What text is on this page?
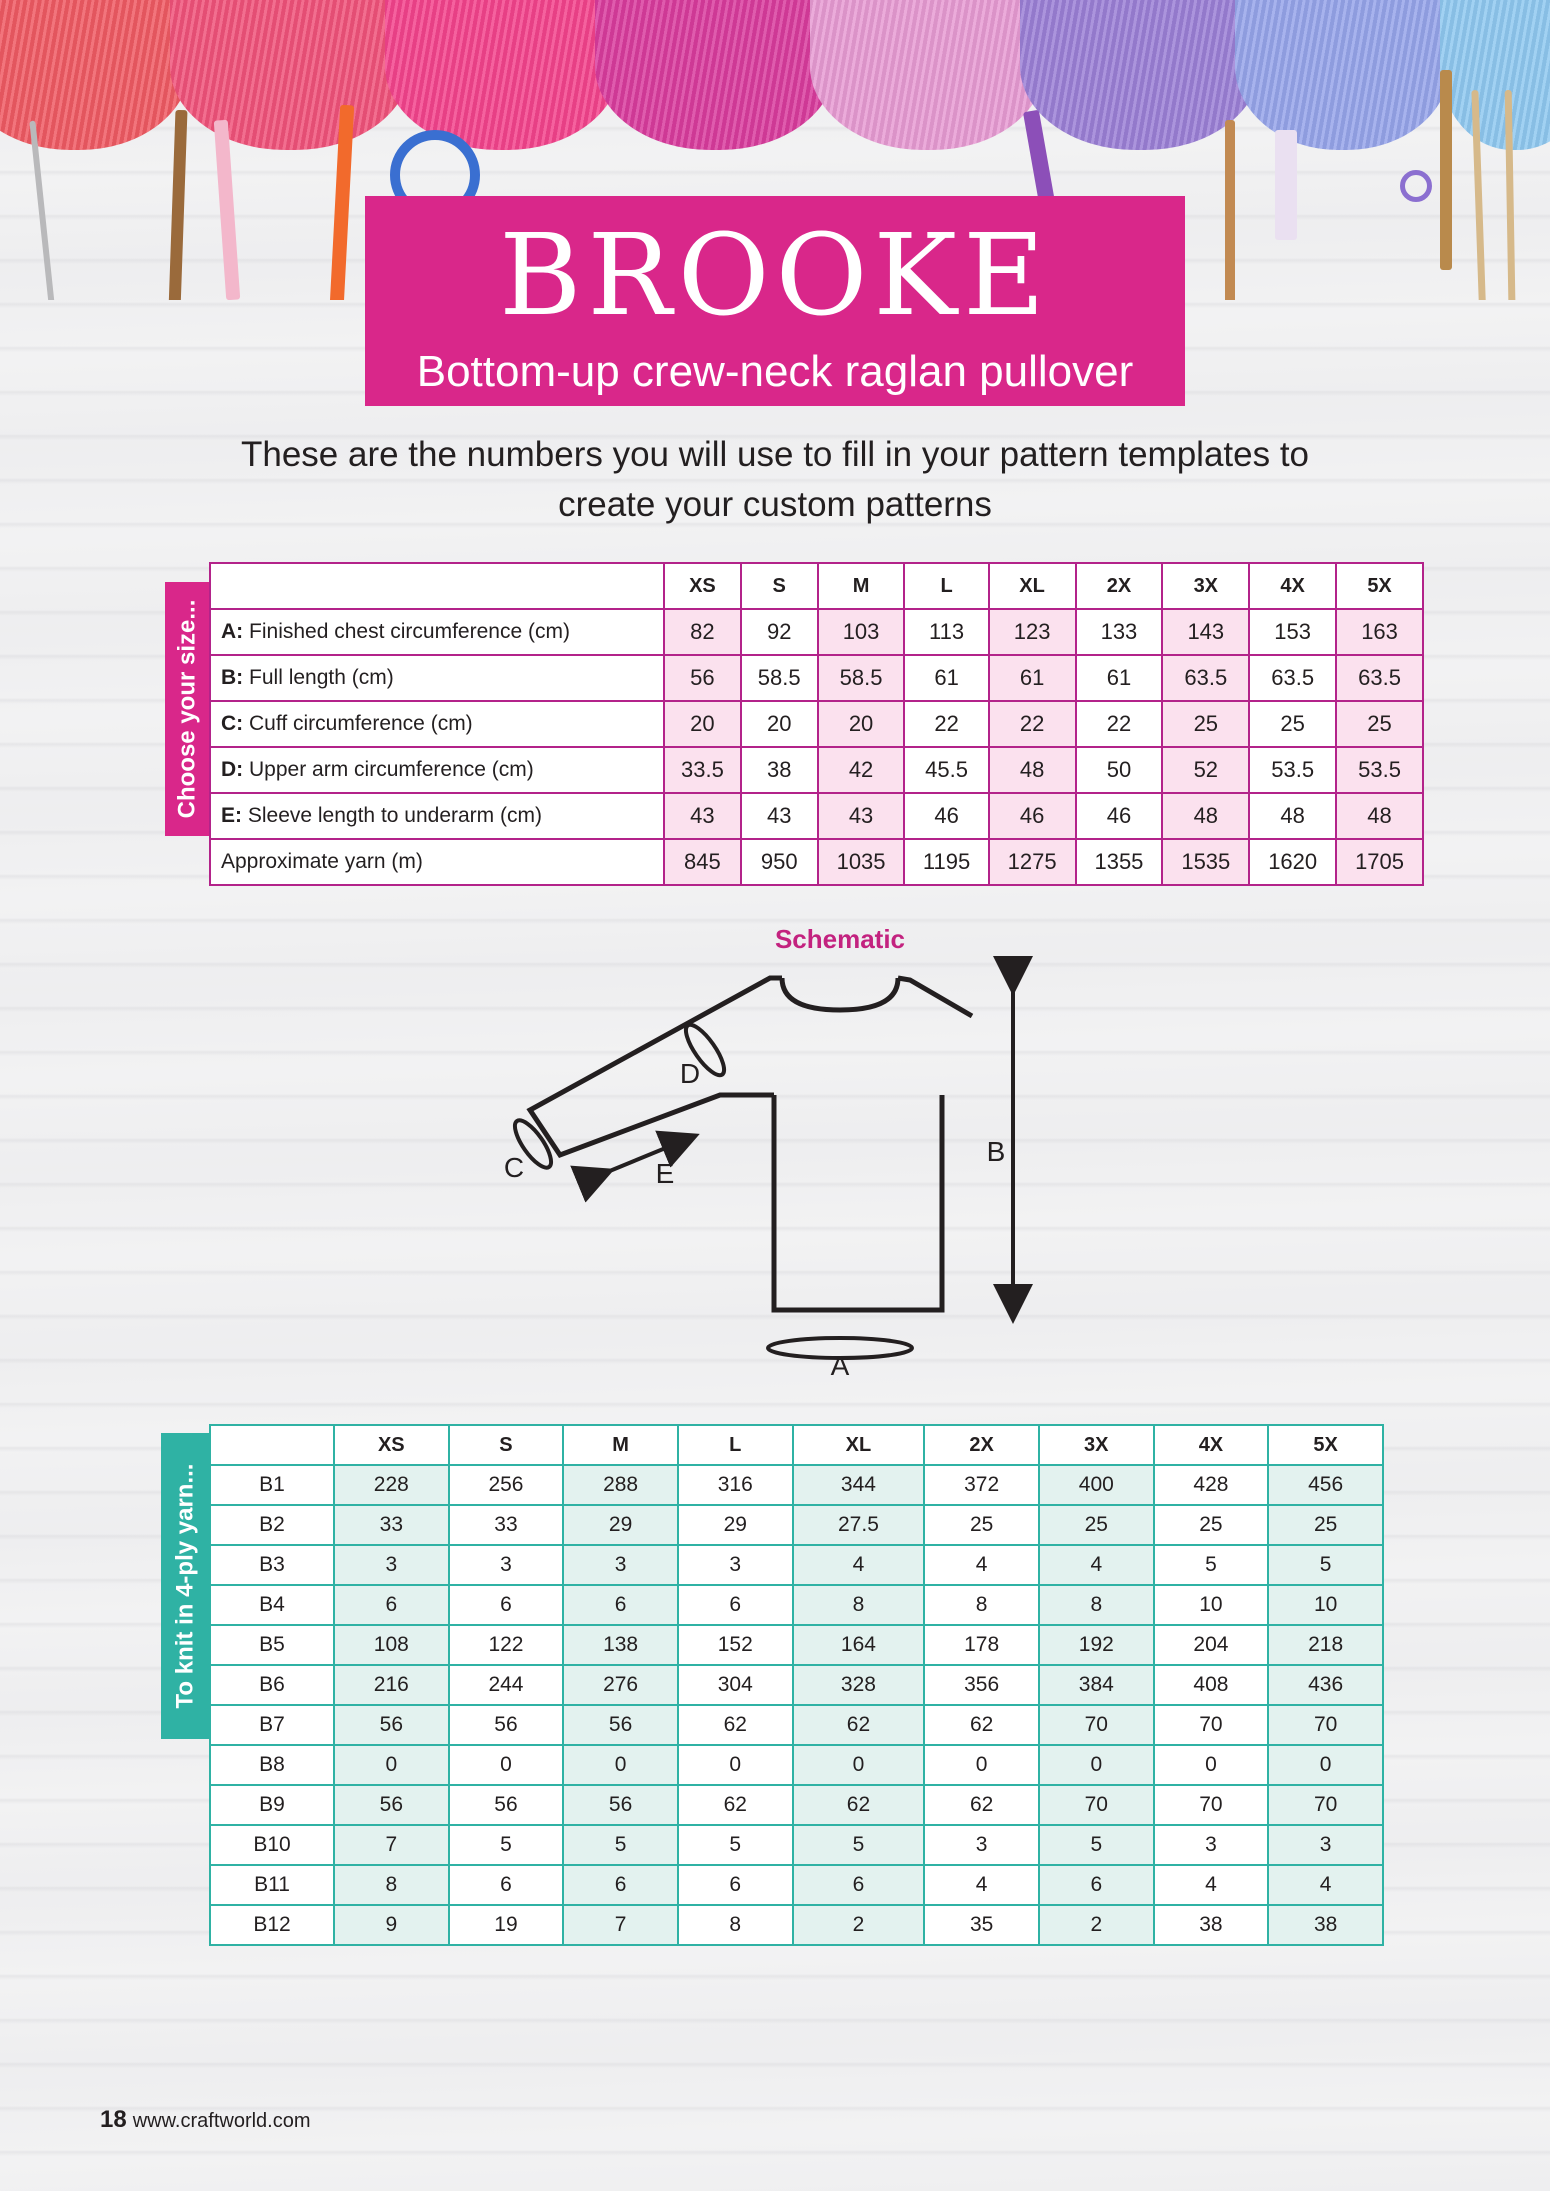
BROOKE
Bottom-up crew-neck raglan pullover
These are the numbers you will use to fill in your pattern templates to create your custom patterns
Choose your size...
	XS	S	M	L	XL	2X	3X	4X	5X
A: Finished chest circumference (cm)	82	92	103	113	123	133	143	153	163
B: Full length (cm)	56	58.5	58.5	61	61	61	63.5	63.5	63.5
C: Cuff circumference (cm)	20	20	20	22	22	22	25	25	25
D: Upper arm circumference (cm)	33.5	38	42	45.5	48	50	52	53.5	53.5
E: Sleeve length to underarm (cm)	43	43	43	46	46	46	48	48	48
Approximate yarn (m)	845	950	1035	1195	1275	1355	1535	1620	1705
Schematic
A
B
C
D
E
To knit in 4-ply yarn...
	XS	S	M	L	XL	2X	3X	4X	5X
B1	228	256	288	316	344	372	400	428	456
B2	33	33	29	29	27.5	25	25	25	25
B3	3	3	3	3	4	4	4	5	5
B4	6	6	6	6	8	8	8	10	10
B5	108	122	138	152	164	178	192	204	218
B6	216	244	276	304	328	356	384	408	436
B7	56	56	56	62	62	62	70	70	70
B8	0	0	0	0	0	0	0	0	0
B9	56	56	56	62	62	62	70	70	70
B10	7	5	5	5	5	3	5	3	3
B11	8	6	6	6	6	4	6	4	4
B12	9	19	7	8	2	35	2	38	38
18 www.craftworld.com
